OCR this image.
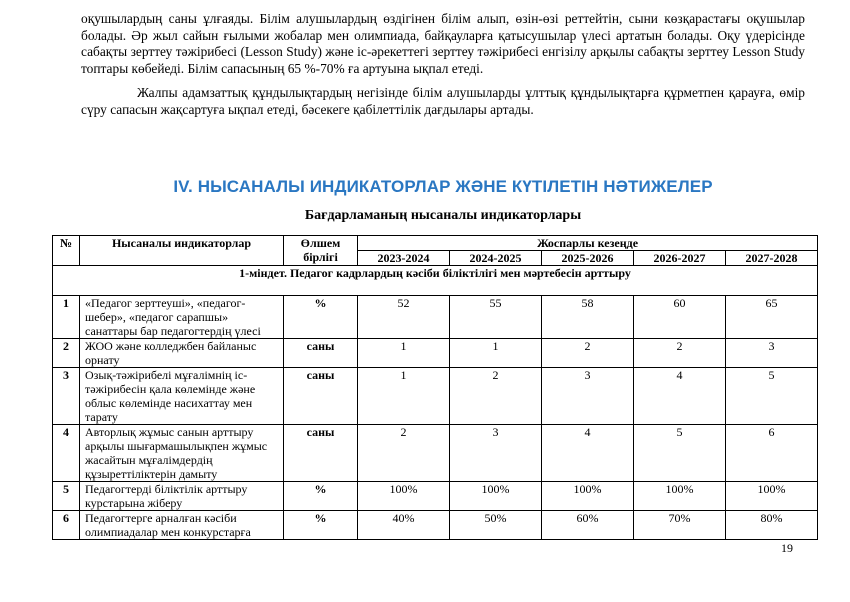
оқушылардың саны ұлғаяды. Білім алушылардың өздігінен білім алып, өзін-өзі реттейтін, сыни көзқарастағы оқушылар болады. Әр жыл сайын ғылыми жобалар мен олимпиада, байқауларға қатысушылар үлесі артатын болады. Оқу үдерісінде сабақты зерттеу тәжірибесі (Lesson Study) және іс-әрекеттегі зерттеу тәжірибесі енгізілу арқылы сабақты зерттеу Lesson Study топтары көбейеді. Білім сапасының 65 %-70% ға артуына ықпал етеді.

Жалпы адамзаттық құндылықтардың негізінде білім алушыларды ұлттық құндылықтарға құрметпен қарауға, өмір сүру сапасын жақсартуға ықпал етеді, бәсекеге қабілеттілік дағдылары артады.

IV. НЫСАНАЛЫ ИНДИКАТОРЛАР ЖӘНЕ КҮТІЛЕТІН НӘТИЖЕЛЕР
Бағдарламаның нысаналы индикаторлары
№	Нысаналы индикаторлар	Өлшем бірлігі	Жоспарлы кезеңде				
			2023-2024	2024-2025	2025-2026	2026-2027	2027-2028
1-міндет. Педагог кадрлардың кәсіби біліктілігі мен мәртебесін арттыру							
1	«Педагог зерттеуші», «педагог-шебер», «педагог сарапшы» санаттары бар педагогтердің үлесі	%	52	55	58	60	65
2	ЖОО және колледжбен байланыс орнату	саны	1	1	2	2	3
3	Озық-тәжірибелі мұғалімнің іс-тәжірибесін қала көлемінде және облыс көлемінде насихаттау мен тарату	саны	1	2	3	4	5
4	Авторлық жұмыс санын арттыру арқылы шығармашылықпен жұмыс жасайтын мұғалімдердің құзыреттіліктерін дамыту	саны	2	3	4	5	6
5	Педагогтерді біліктілік арттыру курстарына жіберу	%	100%	100%	100%	100%	100%
6	Педагогтерге арналған кәсіби олимпиадалар мен конкурстарға	%	40%	50%	60%	70%	80%
19
